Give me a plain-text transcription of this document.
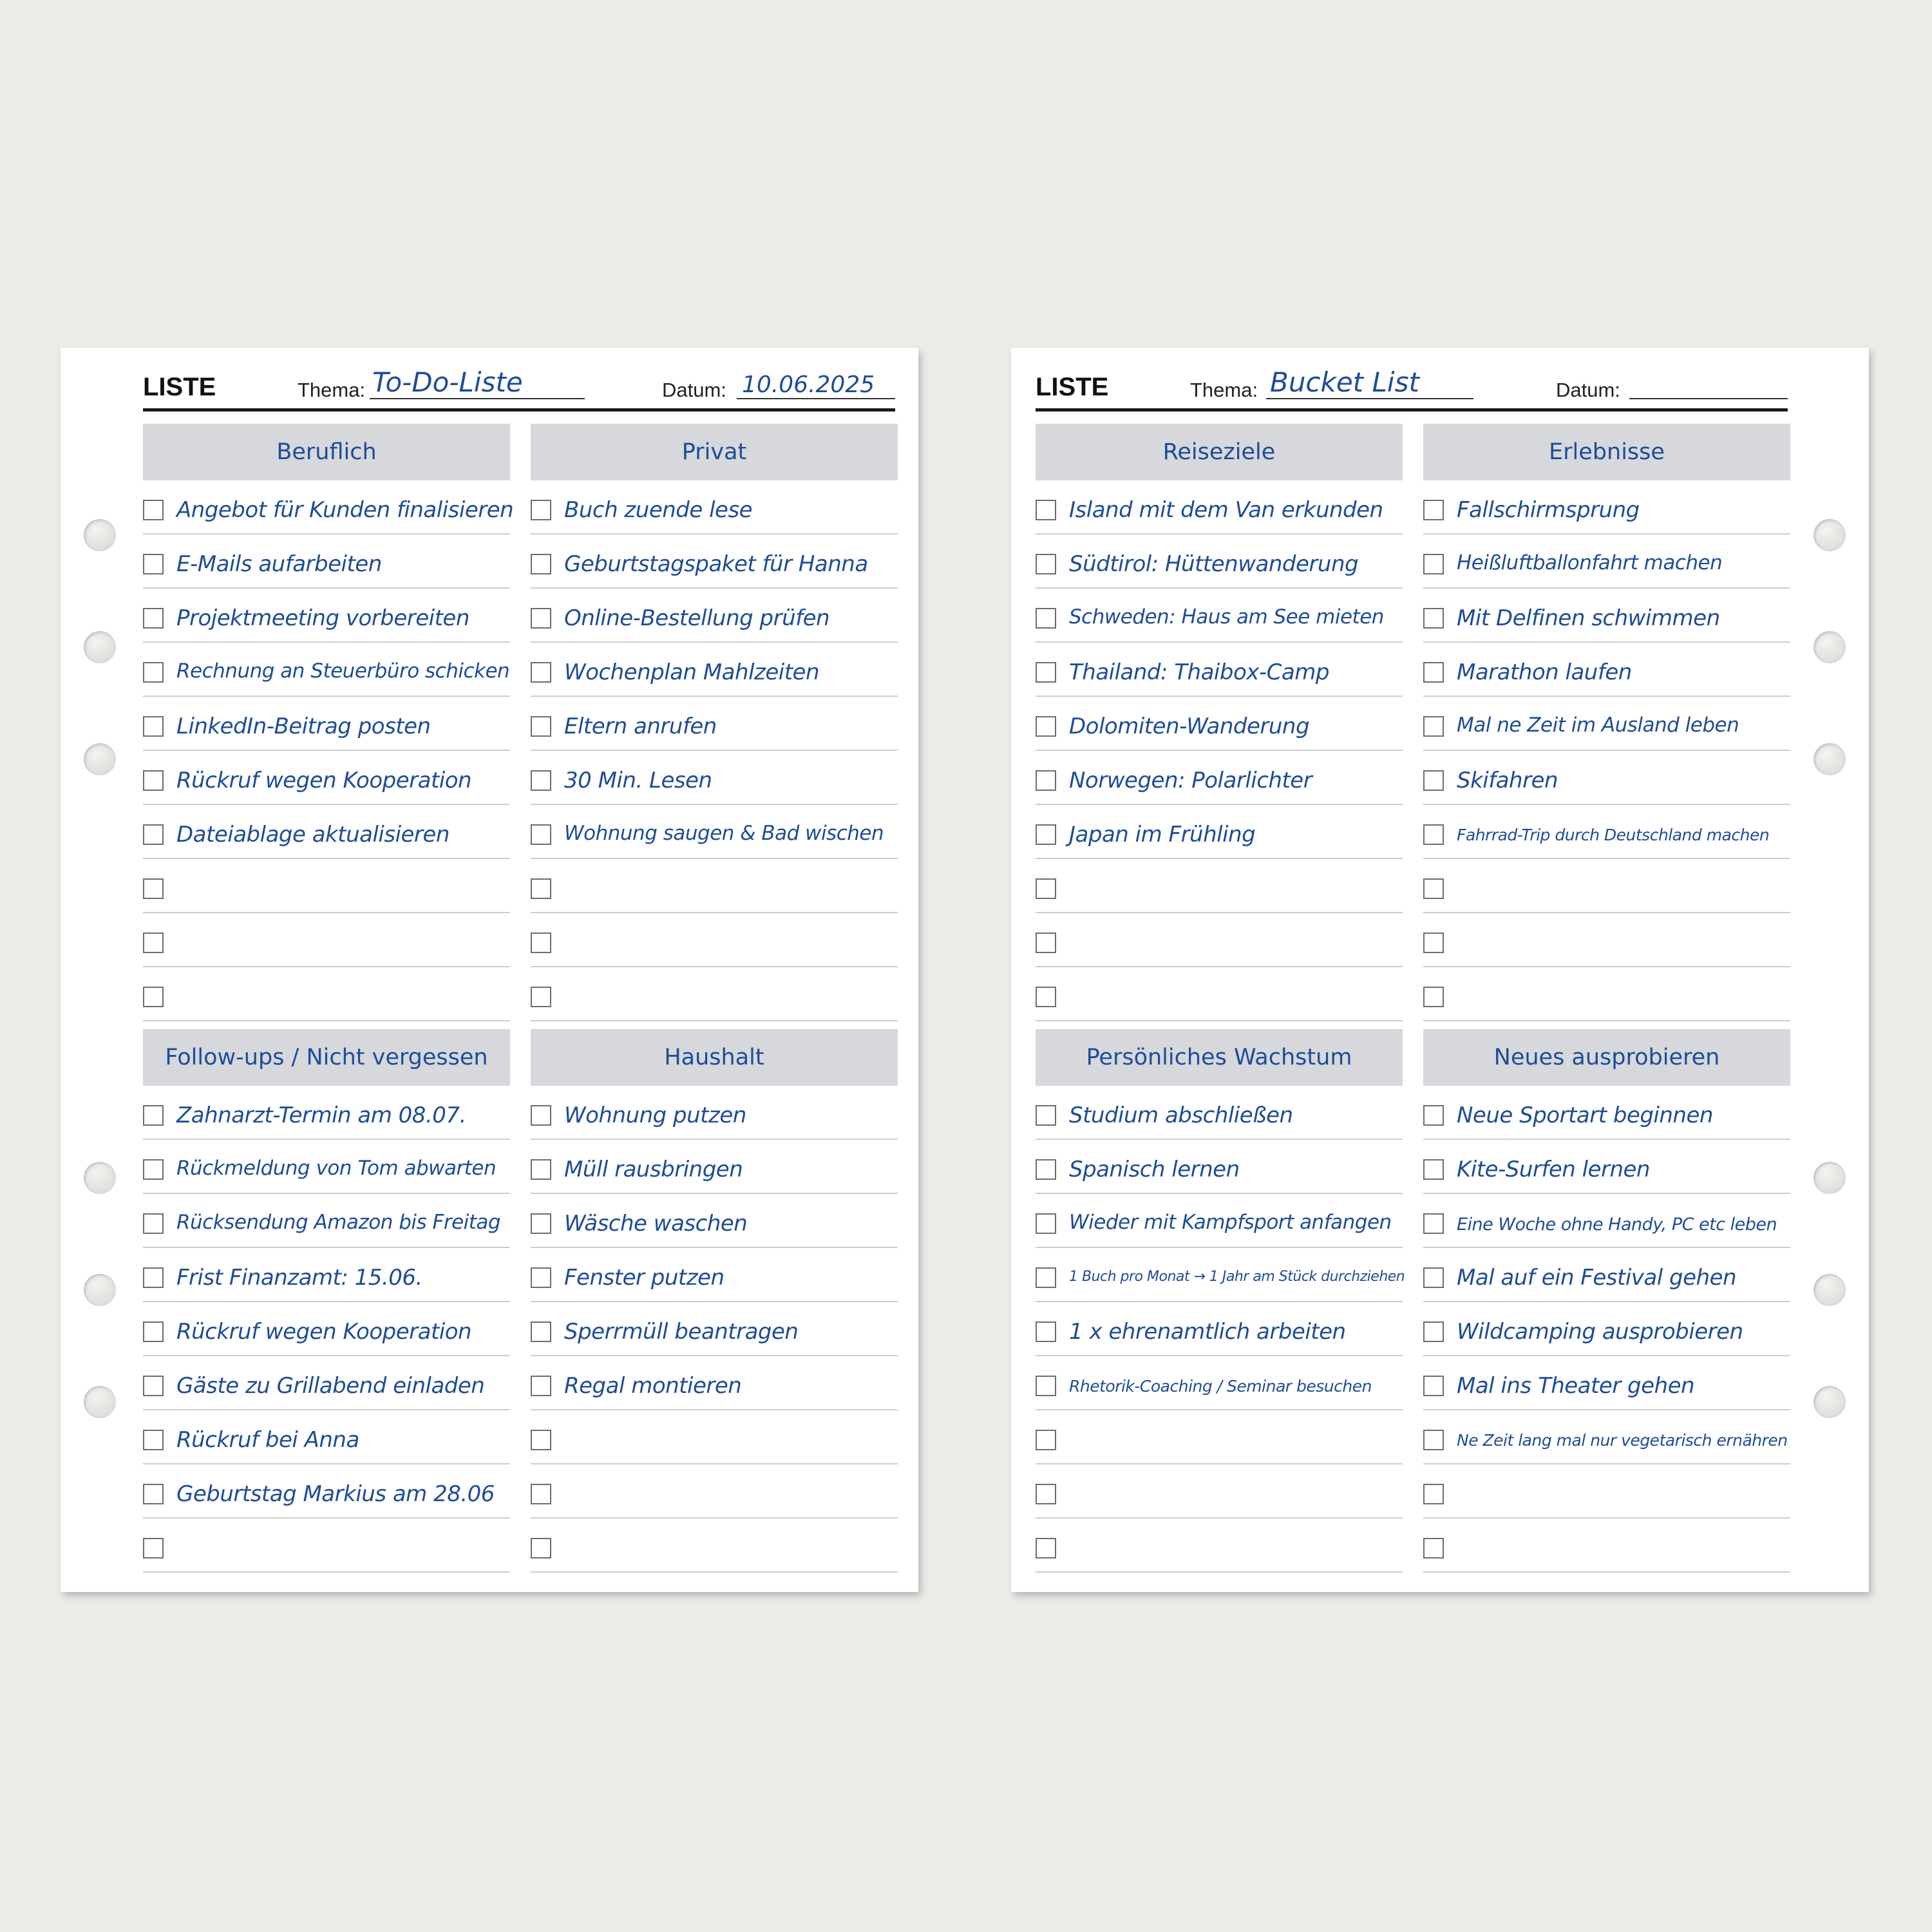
LISTE	Thema: To-Do-Liste	Datum: 10.06.2025
Beruflich
Angebot für Kunden finalisieren
E-Mails aufarbeiten
Projektmeeting vorbereiten
Rechnung an Steuerbüro schicken
LinkedIn-Beitrag posten
Rückruf wegen Kooperation
Dateiablage aktualisieren
Privat
Buch zuende lese
Geburtstagspaket für Hanna
Online-Bestellung prüfen
Wochenplan Mahlzeiten
Eltern anrufen
30 Min. Lesen
Wohnung saugen & Bad wischen
Follow-ups / Nicht vergessen
Zahnarzt-Termin am 08.07.
Rückmeldung von Tom abwarten
Rücksendung Amazon bis Freitag
Frist Finanzamt: 15.06.
Rückruf wegen Kooperation
Gäste zu Grillabend einladen
Rückruf bei Anna
Geburtstag Markius am 28.06
Haushalt
Wohnung putzen
Müll rausbringen
Wäsche waschen
Fenster putzen
Sperrmüll beantragen
Regal montieren
LISTE	Thema: Bucket List	Datum:
Reiseziele
Island mit dem Van erkunden
Südtirol: Hüttenwanderung
Schweden: Haus am See mieten
Thailand: Thaibox-Camp
Dolomiten-Wanderung
Norwegen: Polarlichter
Japan im Frühling
Erlebnisse
Fallschirmsprung
Heißluftballonfahrt machen
Mit Delfinen schwimmen
Marathon laufen
Mal ne Zeit im Ausland leben
Skifahren
Fahrrad-Trip durch Deutschland machen
Persönliches Wachstum
Studium abschließen
Spanisch lernen
Wieder mit Kampfsport anfangen
1 Buch pro Monat → 1 Jahr am Stück durchziehen
1 x ehrenamtlich arbeiten
Rhetorik-Coaching / Seminar besuchen
Neues ausprobieren
Neue Sportart beginnen
Kite-Surfen lernen
Eine Woche ohne Handy, PC etc leben
Mal auf ein Festival gehen
Wildcamping ausprobieren
Mal ins Theater gehen
Ne Zeit lang mal nur vegetarisch ernähren
